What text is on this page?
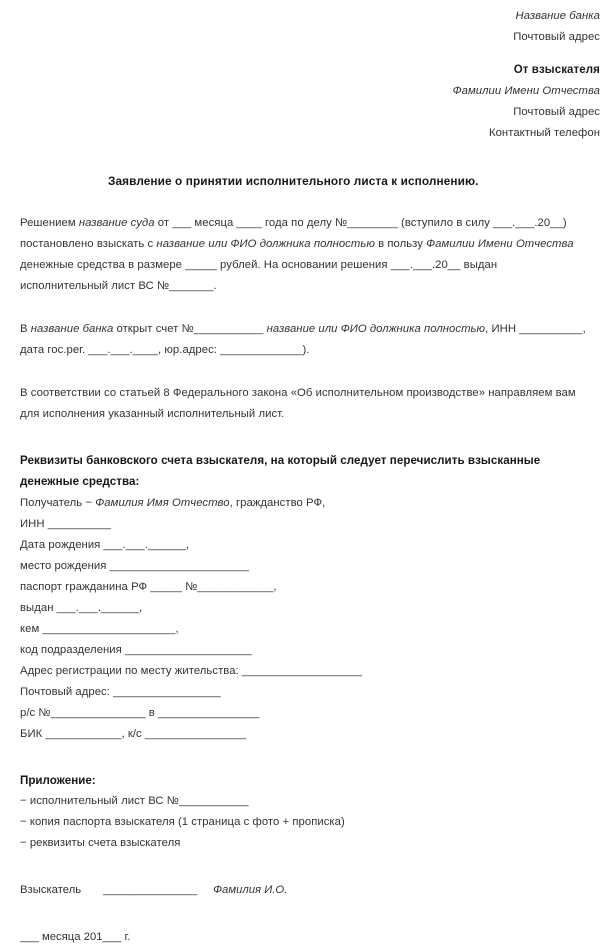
Название банка
Почтовый адрес
От взыскателя
Фамилии Имени Отчества
Почтовый адрес
Контактный телефон
Заявление о принятии исполнительного листа к исполнению.
Решением название суда от ___ месяца ____ года по делу №________ (вступило в силу ___.___.20__)
постановлено взыскать с название или ФИО должника полностью в пользу Фамилии Имени Отчества
денежные средства в размере _____ рублей. На основании решения ___.___.20__ выдан
исполнительный лист ВС №_______.
В название банка открыт счет №___________ название или ФИО должника полностью, ИНН __________,
дата гос.рег. ___.___.____, юр.адрес: _____________).
В соответствии со статьей 8 Федерального закона «Об исполнительном производстве» направляем вам
для исполнения указанный исполнительный лист.
Реквизиты банковского счета взыскателя, на который следует перечислить взысканные денежные средства:
Получатель − Фамилия Имя Отчество, гражданство РФ,
ИНН __________
Дата рождения ___.___.______,
место рождения ______________________
паспорт гражданина РФ _____ №____________,
выдан ___.___.______,
кем _____________________,
код подразделения ____________________
Адрес регистрации по месту жительства: ___________________
Почтовый адрес: _________________
р/с №_______________ в ________________
БИК ____________, к/с ________________
Приложение:
− исполнительный лист ВС №___________
− копия паспорта взыскателя (1 страница с фото + прописка)
− реквизиты счета взыскателя
Взыскатель _______________ Фамилия И.О.
___ месяца 201___ г.
